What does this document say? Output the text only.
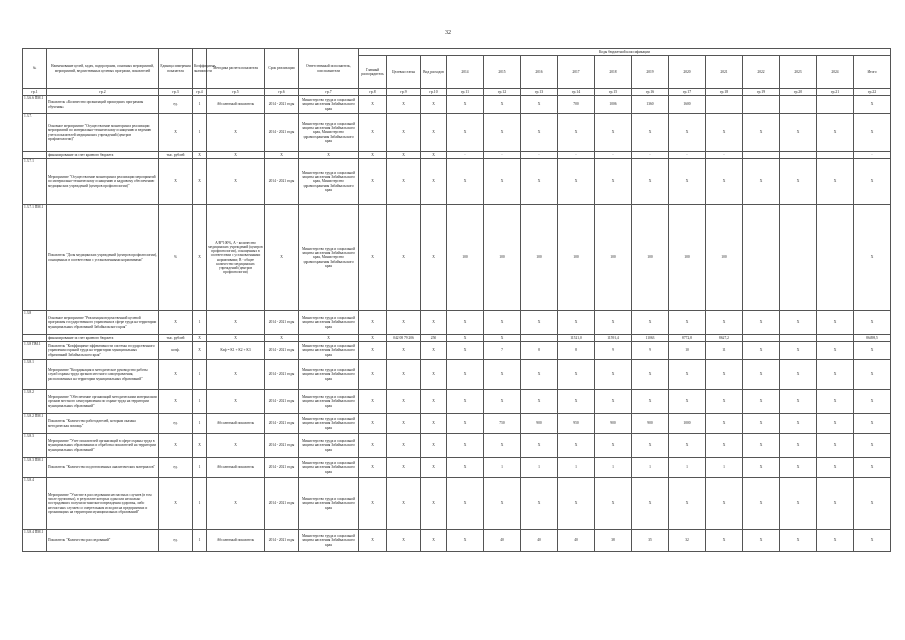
32
№	Наименование целей, задач, подпрограмм, основных мероприятий, мероприятий, ведомственных целевых программ, показателей	Единица измерения показателя	Коэффициент значимости	Методика расчета показателя	Срок реализации	Ответственный исполнитель, соисполнители	Коды бюджетной классификации														
							Главный распорядитель	Целевая статья	Вид расходов	2014	2015	2016	2017	2018	2019	2020	2021	2022	2023	2024	Итого
гр.1	гр.2	гр.3	гр.4	гр.5	гр.6	гр.7	гр.8	гр.9	гр.10	гр.11	гр.12	гр.13	гр.14	гр.15	гр.16	гр.17	гр.18	гр.19	гр.20	гр.21	гр.22
1.3.6.6 ПМ.1	Показатель «Количество организаций прошедших программы обучения»	ед.	1	Абсолютный показатель	2014 - 2021 годы	Министерство труда и социальной защиты населения Забайкальского края	X	X	X	X	X	X	700	1006	1360	1600					X
1.3.7.	Основное мероприятие "Осуществление мониторинга реализации мероприятий по материально-техническому оснащению и ведению учета показателей медицинских учреждений (центров профпатологии)"	X	1	X	2014 - 2021 годы	Министерство труда и социальной защиты населения Забайкальского края, Министерство здравоохранения Забайкальского края	X	X	X	X	X	X	X	X	X	X	X	X	X	X	X
	финансирование за счет краевого бюджета	тыс. рублей	X	X	X	X	X	X	X	-	-	-	-	-	-	-	-				-
1.3.7.1	Мероприятие "Осуществление мониторинга реализации мероприятий по материально-техническому оснащению и кадровому обеспечению медицинских учреждений (центров профпатологии)"	X	X	X	2014 - 2021 годы	Министерство труда и социальной защиты населения Забайкальского края, Министерство здравоохранения Забайкальского края	X	X	X	X	X	X	X	X	X	X	X	X	X	X	X
1.3.7.1 ПМ.1	Показатель "Доля медицинских учреждений (центров профпатологии), оснащенных в соответствии с установленными нормативами"	%	X	А/В*100%, А - количество медицинских учреждений (центров профпатологии), оснащенных в соответствии с установленными нормативами; В - общее количество медицинских учреждений (центров профпатологии)	X	Министерство труда и социальной защиты населения Забайкальского края, Министерство здравоохранения Забайкальского края	X	X	X	100	100	100	100	100	100	100	100				X
1.3.8	Основное мероприятие "Реализация ведомственной целевой программы государственного управления в сфере труда на территории муниципальных образований Забайкальского края"	X	1	X	2014 - 2021 годы	Министерство труда и социальной защиты населения Забайкальского края	X	X	X	X	X	X	X	X	X	X	X	X	X	X	X
	финансирование за счет краевого бюджета	тыс. рублей	X	X	X	X	X	042 08 79 206	250	X	X		11521,0	11591,4	11063	8772,8	8627,2				86498,5
1.3.8 ПМ.1	Показатель "Коэффициент эффективности системы государственного управления охраной труда на территории муниципальных образований Забайкальского края"	коэф.	X	Кэф = К1 + К2 + К3	2014 - 2021 годы	Министерство труда и социальной защиты населения Забайкальского края	X	X	X	X	7	8	8	9	9	10	11	X	X	X	X
1.3.8.1	Мероприятие "Координация и методическое руководство работы служб охраны труда органов местного самоуправления, расположенных на территории муниципальных образований"	X	1	X	2014 - 2021 годы	Министерство труда и социальной защиты населения Забайкальского края	X	X	X	X	X	X	X	X	X	X	X	X	X	X	X
1.3.8.2	Мероприятие "Обеспечение организаций методическими материалами органов местного самоуправления по охране труда на территории муниципальных образований"	X	1	X	2014 - 2021 годы	Министерство труда и социальной защиты населения Забайкальского края	X	X	X	X	X	X	X	X	X	X	X	X	X	X	X
1.3.8.2 ПМ.1	Показатель "Количество работодателей, которым оказана методическая помощь"	ед.	1	Абсолютный показатель	2014 - 2021 годы	Министерство труда и социальной защиты населения Забайкальского края	X	X	X	X	750	900	950	900	900	1000	X	X	X	X	X
1.3.8.3	Мероприятие "Учет показателей организаций в сфере охраны труда в муниципальных образованиях и обработка показателей на территории муниципальных образований"	X	X	X	2014 - 2021 годы	Министерство труда и социальной защиты населения Забайкальского края	X	X	X	X	X	X	X	X	X	X	X	X	X	X	X
1.3.8.3 ПМ.1	Показатель "Количество подготовленных аналитических материалов"	ед.	1	Абсолютный показатель	2014 - 2021 годы	Министерство труда и социальной защиты населения Забайкальского края	X	X	X	X	1	1	1	1	1	1	1	X	X	X	X
1.3.8.4	Мероприятие "Участие в расследовании несчастных случаев (в том числе групповых), в результате которых один или несколько пострадавших получили тяжелые повреждения здоровья, либо несчастных случаев со смертельным исходом на предприятиях и организациях на территории муниципальных образований"	X	1	X	2014 - 2021 годы	Министерство труда и социальной защиты населения Забайкальского края	X	X	X	X	X	X	X	X	X	X	X	X	X	X	X
1.3.8.4 ПМ.1	Показатель "Количество расследований"	ед.	1	Абсолютный показатель	2014 - 2021 годы	Министерство труда и социальной защиты населения Забайкальского края	X	X	X	X	40	40	40	38	35	32	X	X	X	X	X
